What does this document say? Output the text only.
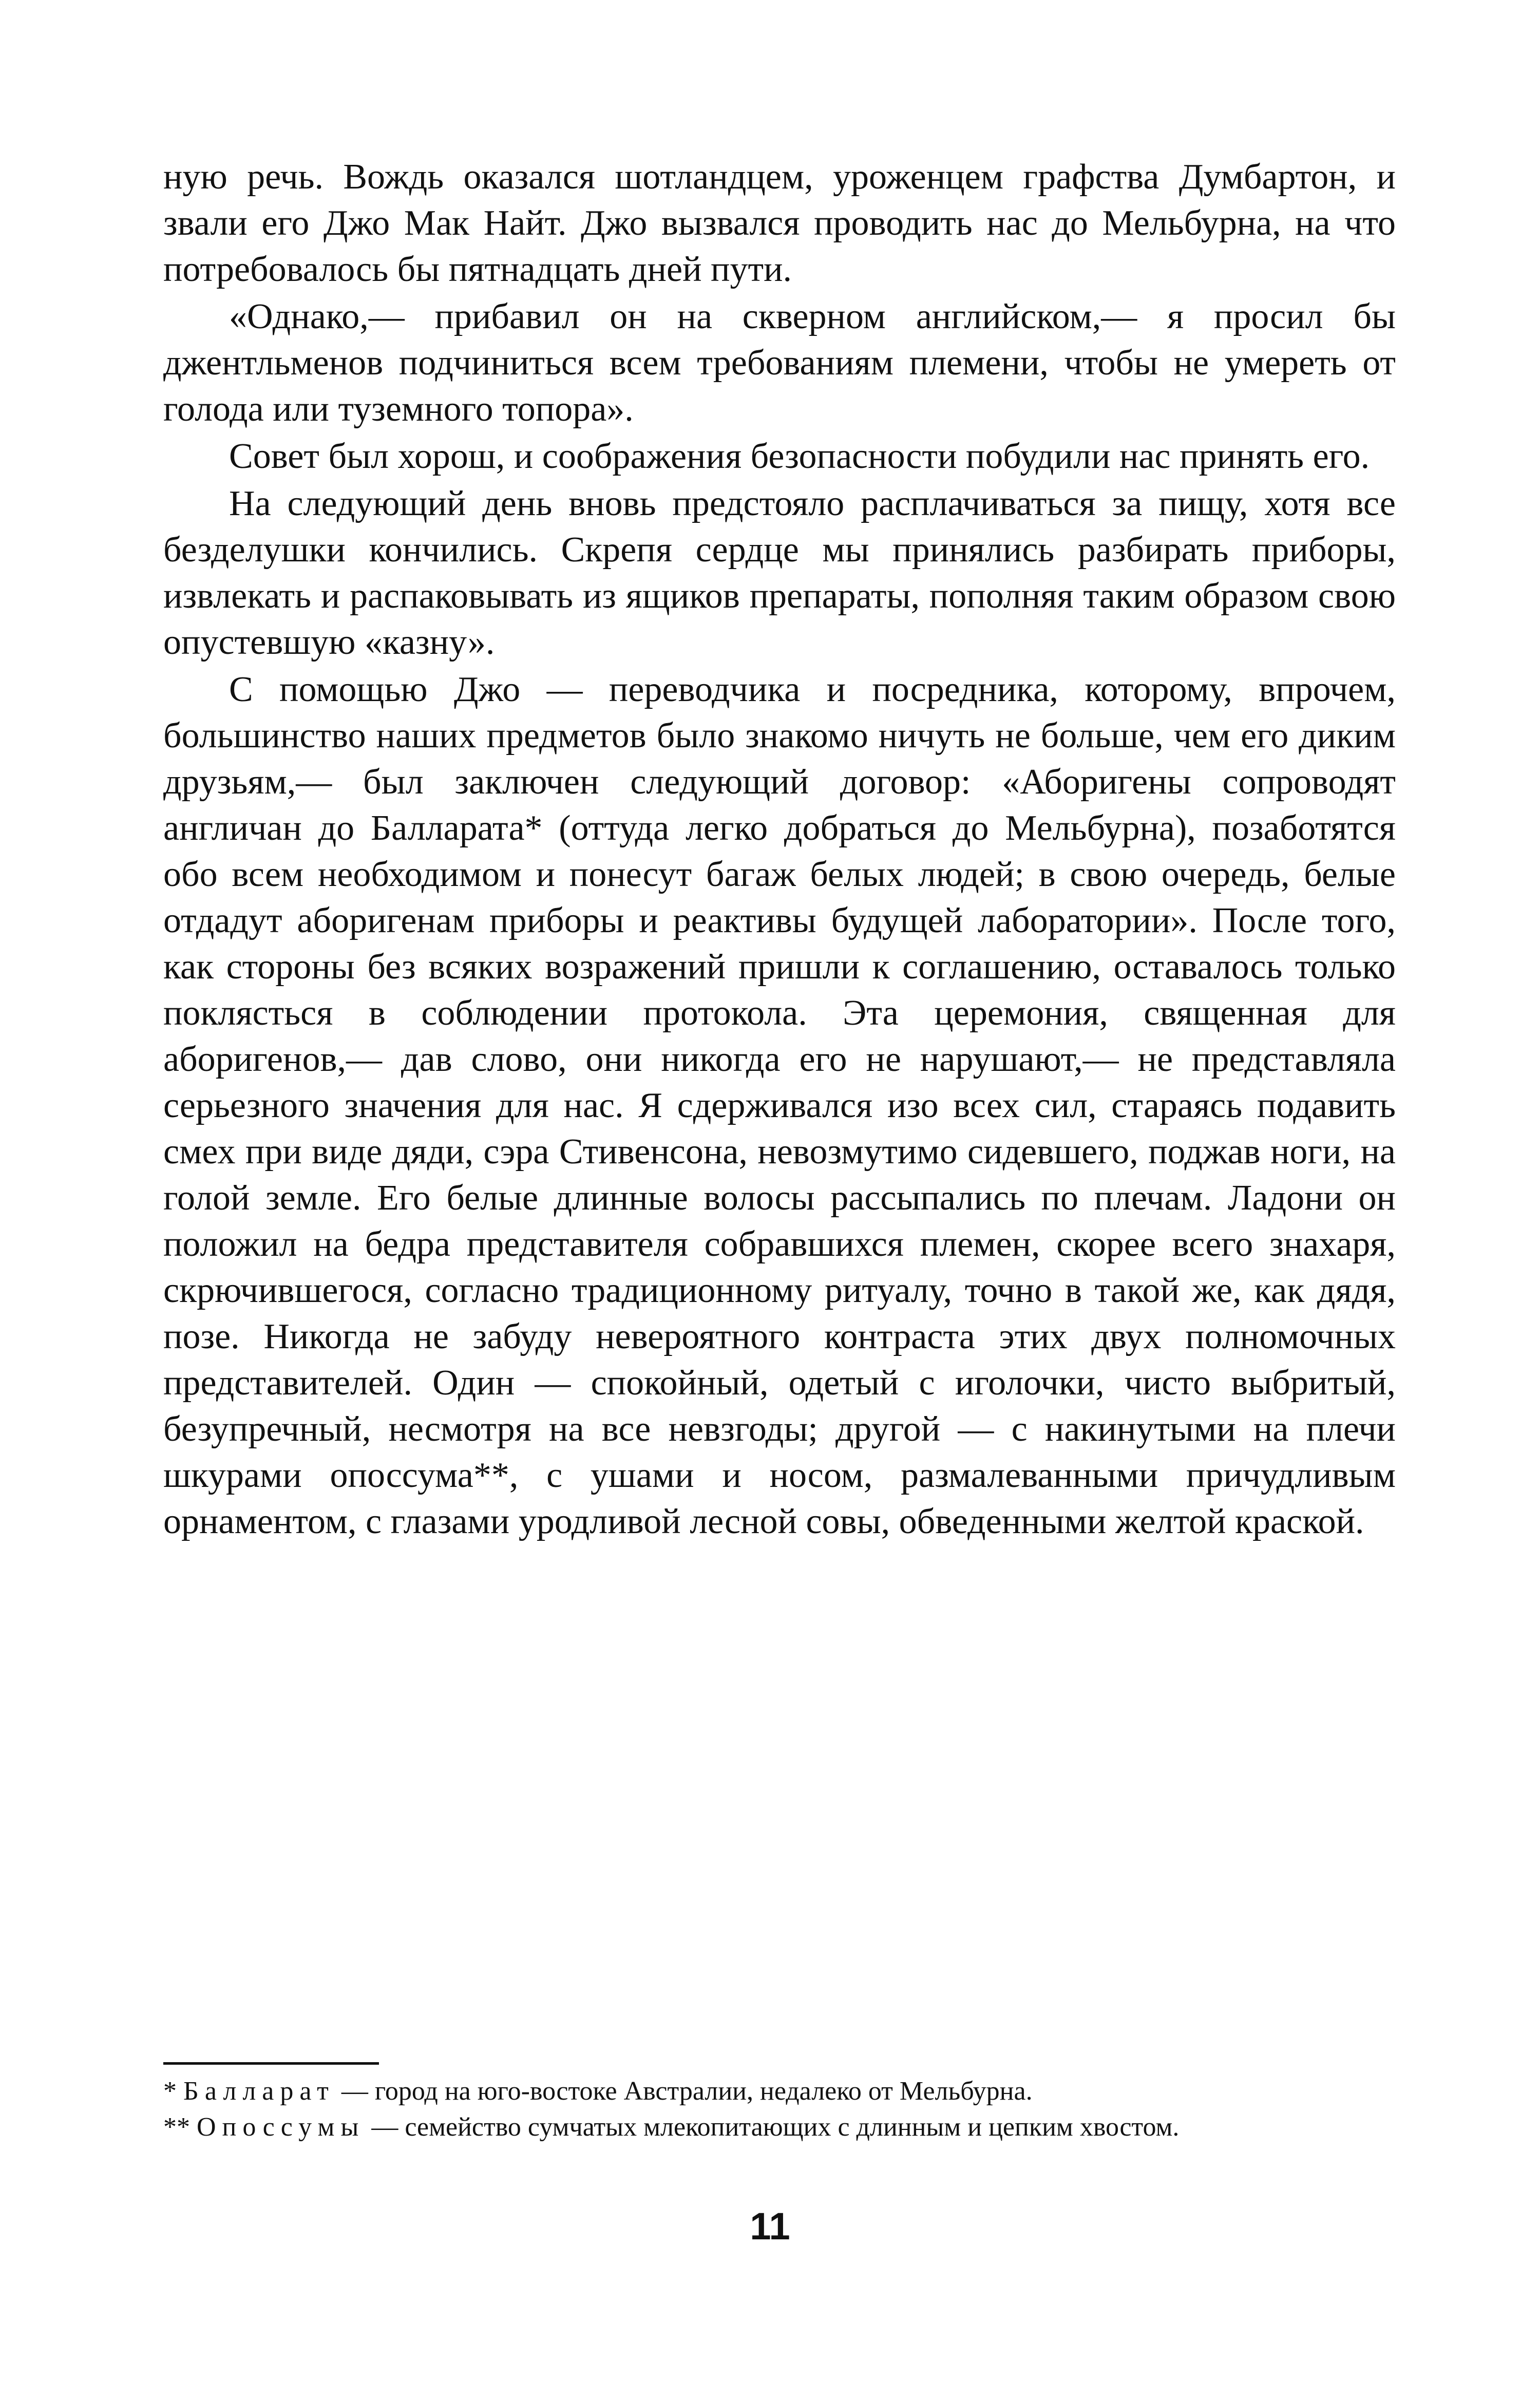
ную речь. Вождь оказался шотландцем, уроженцем графства Думбартон, и звали его Джо Мак Найт. Джо вызвался проводить нас до Мельбурна, на что потребовалось бы пятнадцать дней пути.

«Однако,— прибавил он на скверном английском,— я просил бы джентльменов подчиниться всем требованиям племени, чтобы не умереть от голода или туземного топора».

Совет был хорош, и соображения безопасности побудили нас принять его.

На следующий день вновь предстояло расплачиваться за пищу, хотя все безделушки кончились. Скрепя сердце мы принялись разбирать приборы, извлекать и распаковывать из ящиков препараты, пополняя таким образом свою опустевшую «казну».

С помощью Джо — переводчика и посредника, которому, впрочем, большинство наших предметов было знакомо ничуть не больше, чем его диким друзьям,— был заключен следующий договор: «Аборигены сопроводят англичан до Балларата* (оттуда легко добраться до Мельбурна), позаботятся обо всем необходимом и понесут багаж белых людей; в свою очередь, белые отдадут аборигенам приборы и реактивы будущей лаборатории». После того, как стороны без всяких возражений пришли к соглашению, оставалось только поклясться в соблюдении протокола. Эта церемония, священная для аборигенов,— дав слово, они никогда его не нарушают,— не представляла серьезного значения для нас. Я сдерживался изо всех сил, стараясь подавить смех при виде дяди, сэра Стивенсона, невозмутимо сидевшего, поджав ноги, на голой земле. Его белые длинные волосы рассыпались по плечам. Ладони он положил на бедра представителя собравшихся племен, скорее всего знахаря, скрючившегося, согласно традиционному ритуалу, точно в такой же, как дядя, позе. Никогда не забуду невероятного контраста этих двух полномочных представителей. Один — спокойный, одетый с иголочки, чисто выбритый, безупречный, несмотря на все невзгоды; другой — с накинутыми на плечи шкурами опоссума**, с ушами и носом, размалеванными причудливым орнаментом, с глазами уродливой лесной совы, обведенными желтой краской.

* Балларат — город на юго-востоке Австралии, недалеко от Мельбурна.

** Опоссумы — семейство сумчатых млекопитающих с длинным и цепким хвостом.

11
